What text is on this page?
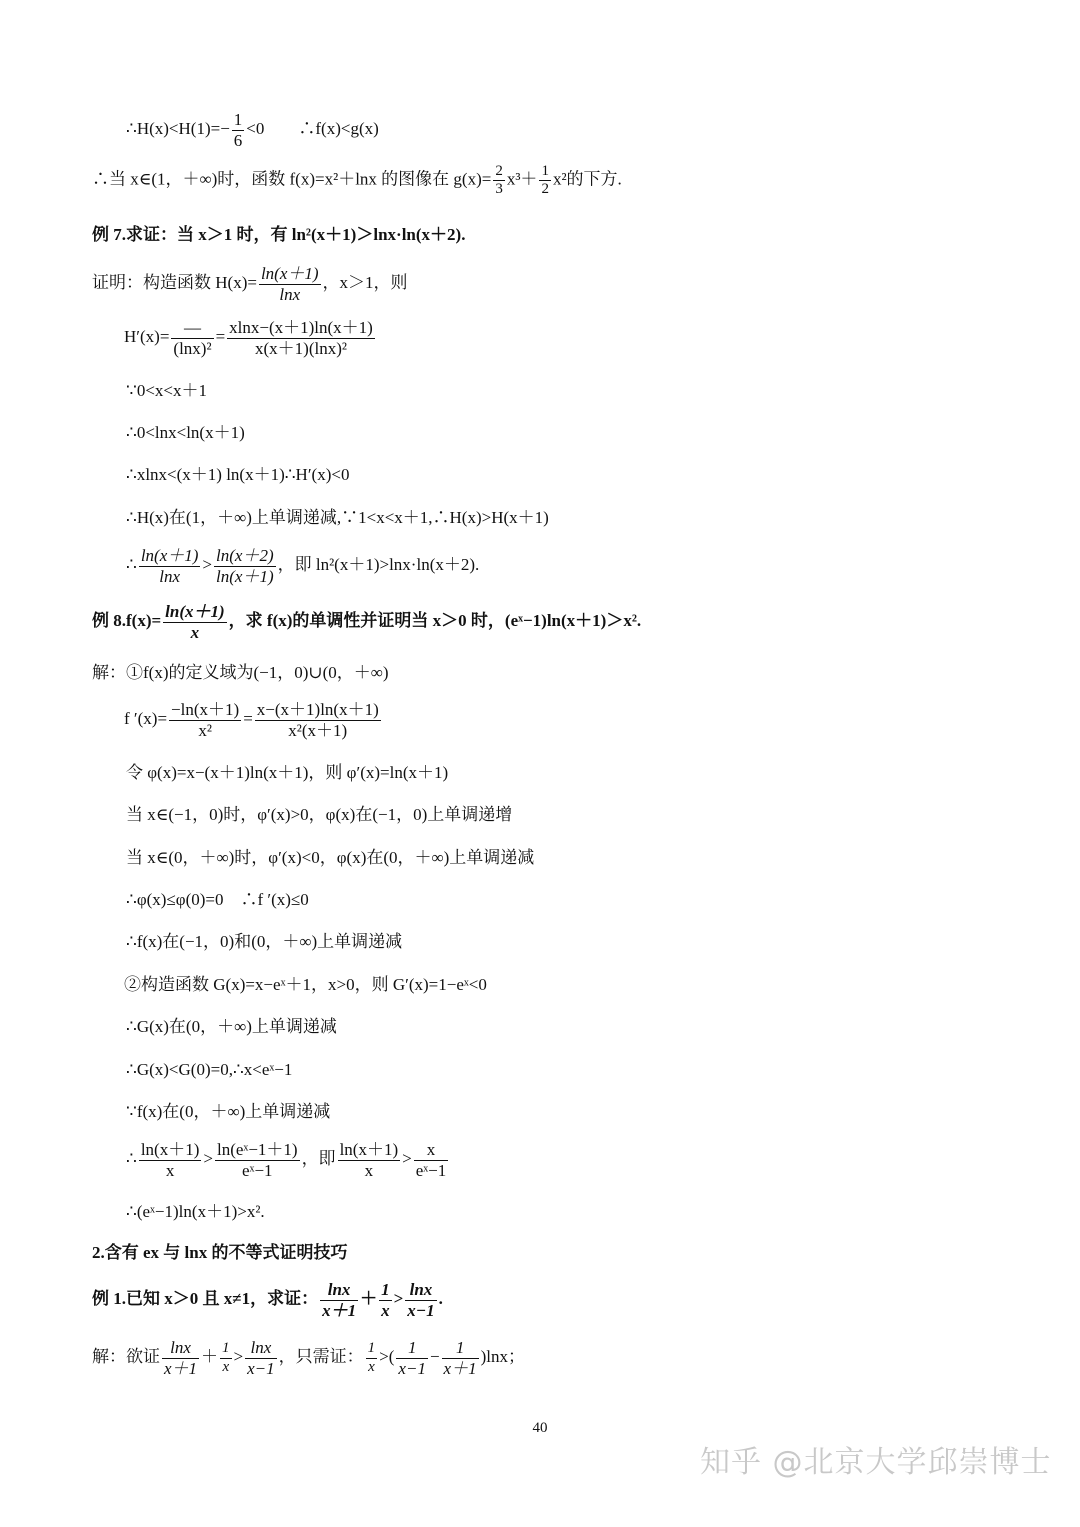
∴H(x)<H(1)=− $\frac{1}{6} <0$　　∴f(x)<g(x)
∴当 x∈(1，＋∞)时，函数 f(x)=x²＋lnx 的图像在 $g(x)= \frac{2}{3} x^3+ \frac{1}{2} x^2$的下方.
例 7.求证：当 x＞1 时，有 ln²(x＋1)＞lnx·ln(x＋2).
证明：构造函数 $H(x)= \frac{\ln(x+1)}{\ln x}$ ，x＞1，则
$H'(x)= \frac{—}{\text{(lnx)²}} = \frac{xlnx-(x+1)\ln(x+1)}{\text{x(x＋1)(lnx)²}}$
∵0<x<x＋1
∴0<lnx<ln(x＋1)
∴xlnx<(x＋1) ln(x＋1)∴H′(x)<0
∴H(x)在(1，＋∞)上单调递减,∵1<x<x＋1,∴H(x)>H(x＋1)
∴ $\frac{\ln(x+1)}{\ln x} > \frac{\ln(x+2)}{\ln(x+1)}$ ，即 ln²(x＋1)>lnx·ln(x＋2).
例 $8.f(x)= \frac{\ln(x+1)}{x}$ ，求 f(x)的单调性并证明当 x＞0 时，(eˣ−1)ln(x＋1)＞x².
解：①f(x)的定义域为(−1，0)∪(0，＋∞)
f $'(x)= \frac{-\ln(x+1)}{\text{x²}} = \frac{x-(x+1)\ln(x+1)}{\text{x²(x＋1)}}$
令 φ(x)=x−(x＋1)ln(x＋1)，则 φ′(x)=ln(x＋1)
当 x∈(−1，0)时，φ′(x)>0，φ(x)在(−1，0)上单调递增
当 x∈(0，＋∞)时，φ′(x)<0，φ(x)在(0，＋∞)上单调递减
∴φ(x)≤φ(0)=0　∴f ′(x)≤0
∴f(x)在(−1，0)和(0，＋∞)上单调递减
②构造函数 G(x)=x−eˣ＋1，x>0，则 G′(x)=1−eˣ<0
∴G(x)在(0，＋∞)上单调递减
∴G(x)<G(0)=0,∴x<eˣ−1
∵f(x)在(0，＋∞)上单调递减
∴ $\frac{\ln(x+1)}{x} > \frac{\text{ln(eˣ−1＋1)}}{\text{eˣ−1}}$ ，即 $\frac{\ln(x+1)}{x} > \frac{x}{\text{eˣ−1}}$
∴(eˣ−1)ln(x＋1)>x².
2.含有 ex 与 lnx 的不等式证明技巧
例 1.已知 x＞0 且 x≠1，求证： $\frac{\ln x}{x+1} + \frac{1}{x} > \frac{\ln x}{x-1}$ .
解：欲证 $\frac{\ln x}{x+1} + \frac{1}{x} > \frac{\ln x}{x-1}$ ，只需证： $\frac{1}{x}$ >( $\frac{1}{x-1} - \frac{1}{x+1} )\ln x$；
40
知乎 @北京大学邱崇博士
